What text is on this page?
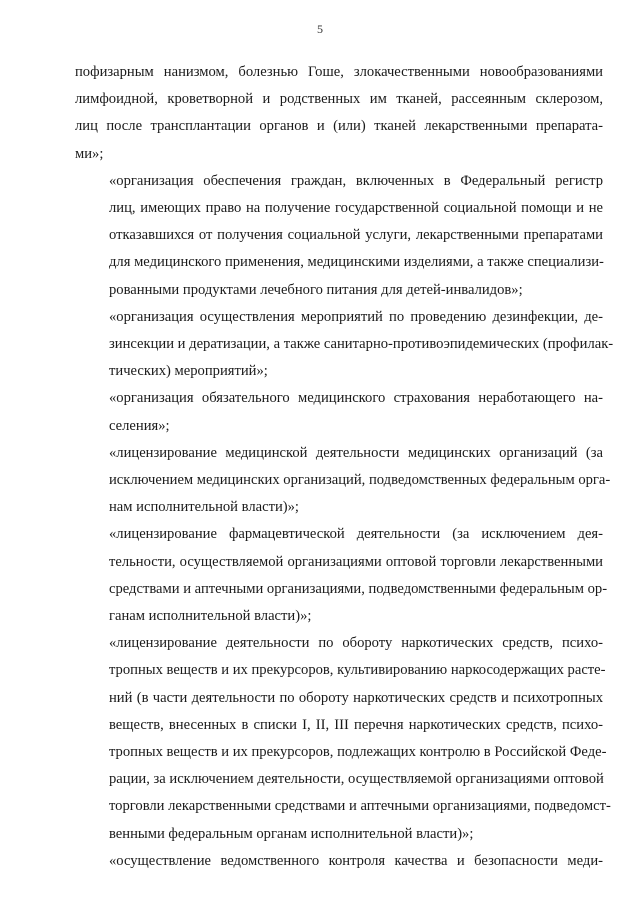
5

пофизарным нанизмом, болезнью Гоше, злокачественными новообразованиями
лимфоидной, кроветворной и родственных им тканей, рассеянным склерозом,
лиц после трансплантации органов и (или) тканей лекарственными препарата-
ми»;

«организация обеспечения граждан, включенных в Федеральный регистр
лиц, имеющих право на получение государственной социальной помощи и не
отказавшихся от получения социальной услуги, лекарственными препаратами
для медицинского применения, медицинскими изделиями, а также специализи-
рованными продуктами лечебного питания для детей-инвалидов»;

«организация осуществления мероприятий по проведению дезинфекции, де-
зинсекции и дератизации, а также санитарно-противоэпидемических (профилак-
тических) мероприятий»;

«организация обязательного медицинского страхования неработающего на-
селения»;

«лицензирование медицинской деятельности медицинских организаций (за
исключением медицинских организаций, подведомственных федеральным орга-
нам исполнительной власти)»;

«лицензирование фармацевтической деятельности (за исключением дея-
тельности, осуществляемой организациями оптовой торговли лекарственными
средствами и аптечными организациями, подведомственными федеральным ор-
ганам исполнительной власти)»;

«лицензирование деятельности по обороту наркотических средств, психо-
тропных веществ и их прекурсоров, культивированию наркосодержащих расте-
ний (в части деятельности по обороту наркотических средств и психотропных
веществ, внесенных в списки I, II, III перечня наркотических средств, психо-
тропных веществ и их прекурсоров, подлежащих контролю в Российской Феде-
рации, за исключением деятельности, осуществляемой организациями оптовой
торговли лекарственными средствами и аптечными организациями, подведомст-
венными федеральным органам исполнительной власти)»;

«осуществление ведомственного контроля качества и безопасности меди-
